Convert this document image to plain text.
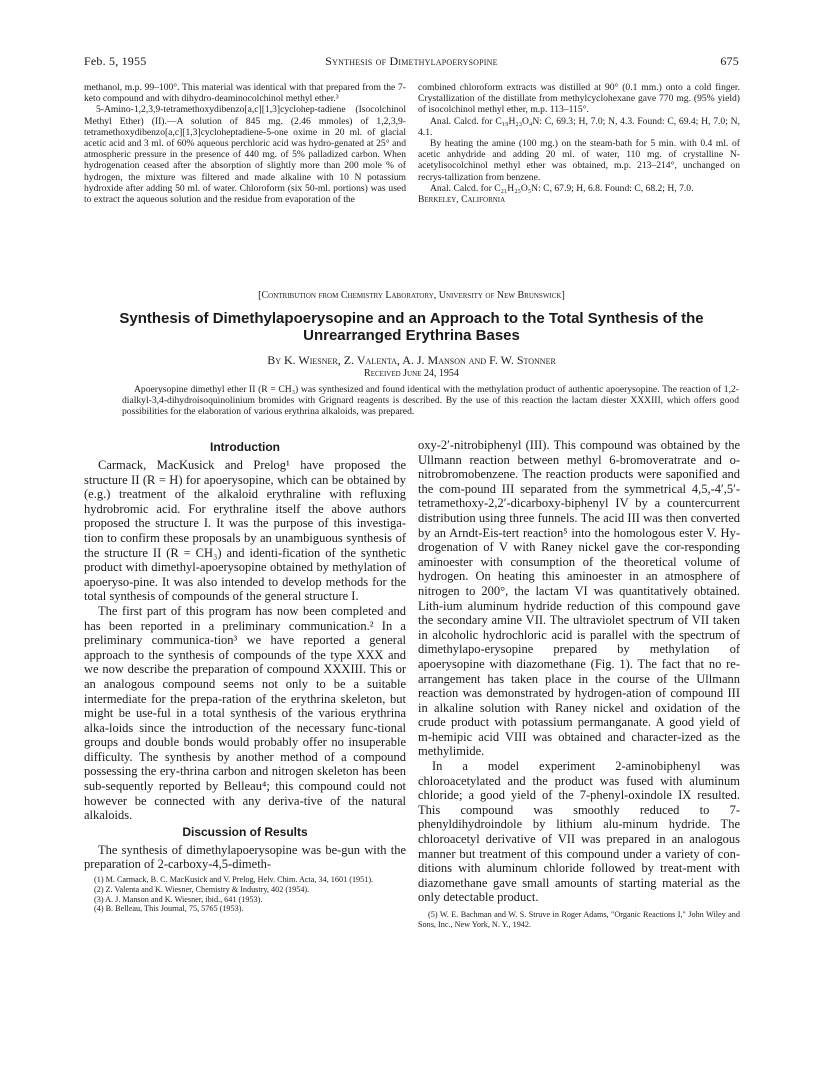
Feb. 5, 1955	Synthesis of Dimethylapoerysopine	675

methanol, m.p. 99–100°. This material was identical with that prepared from the 7-keto compound and with dihydro-deaminocolchinol methyl ether.³

5-Amino-1,2,3,9-tetramethoxydibenzo[a,c][1,3]cyclohep-tadiene (Isocolchinol Methyl Ether) (II).—A solution of 845 mg. (2.46 mmoles) of 1,2,3,9-tetramethoxydibenzo[a,c][1,3]cycloheptadiene-5-one oxime in 20 ml. of glacial acetic acid and 3 ml. of 60% aqueous perchloric acid was hydro-genated at 25° and atmospheric pressure in the presence of 440 mg. of 5% palladized carbon. When hydrogenation ceased after the absorption of slightly more than 200 mole % of hydrogen, the mixture was filtered and made alkaline with 10 N potassium hydroxide after adding 50 ml. of water. Chloroform (six 50-ml. portions) was used to extract the aqueous solution and the residue from evaporation of the

combined chloroform extracts was distilled at 90° (0.1 mm.) onto a cold finger. Crystallization of the distillate from methylcyclohexane gave 770 mg. (95% yield) of isocolchinol methyl ether, m.p. 113–115°.

Anal. Calcd. for C₁₉H₂₃O₄N: C, 69.3; H, 7.0; N, 4.3. Found: C, 69.4; H, 7.0; N, 4.1.

By heating the amine (100 mg.) on the steam-bath for 5 min. with 0.4 ml. of acetic anhydride and adding 20 ml. of water, 110 mg. of crystalline N-acetylisocolchinol methyl ether was obtained, m.p. 213–214°, unchanged on recrys-tallization from benzene.

Anal. Calcd. for C₂₁H₂₅O₅N: C, 67.9; H, 6.8. Found: C, 68.2; H, 7.0.

Berkeley, California

[Contribution from Chemistry Laboratory, University of New Brunswick]
Synthesis of Dimethylapoerysopine and an Approach to the Total Synthesis of the Unrearranged Erythrina Bases
By K. Wiesner, Z. Valenta, A. J. Manson and F. W. Stonner
Received June 24, 1954
Apoerysopine dimethyl ether II (R = CH₃) was synthesized and found identical with the methylation product of authentic apoerysopine. The reaction of 1,2-dialkyl-3,4-dihydroisoquinolinium bromides with Grignard reagents is described. By the use of this reaction the lactam diester XXXIII, which offers good possibilities for the elaboration of various erythrina alkaloids, was prepared.
Introduction

Carmack, MacKusick and Prelog¹ have proposed the structure II (R = H) for apoerysopine, which can be obtained by (e.g.) treatment of the alkaloid erythraline with refluxing hydrobromic acid. For erythraline itself the above authors proposed the structure I. It was the purpose of this investiga-tion to confirm these proposals by an unambiguous synthesis of the structure II (R = CH₃) and identi-fication of the synthetic product with dimethyl-apoerysopine obtained by methylation of apoeryso-pine. It was also intended to develop methods for the total synthesis of compounds of the general structure I.

The first part of this program has now been completed and has been reported in a preliminary communication.² In a preliminary communica-tion³ we have reported a general approach to the synthesis of compounds of the type XXX and we now describe the preparation of compound XXXIII. This or an analogous compound seems not only to be a suitable intermediate for the prepa-ration of the erythrina skeleton, but might be use-ful in a total synthesis of the various erythrina alka-loids since the introduction of the necessary func-tional groups and double bonds would probably offer no insuperable difficulty. The synthesis by another method of a compound possessing the ery-thrina carbon and nitrogen skeleton has been sub-sequently reported by Belleau⁴; this compound could not however be connected with any deriva-tive of the natural alkaloids.

Discussion of Results

The synthesis of dimethylapoerysopine was be-gun with the preparation of 2-carboxy-4,5-dimeth-

(1) M. Carmack, B. C. MacKusick and V. Prelog, Helv. Chim. Acta, 34, 1601 (1951).
(2) Z. Valenta and K. Wiesner, Chemistry & Industry, 402 (1954).
(3) A. J. Manson and K. Wiesner, ibid., 641 (1953).
(4) B. Belleau, This Journal, 75, 5765 (1953).

oxy-2′-nitrobiphenyl (III). This compound was obtained by the Ullmann reaction between methyl 6-bromoveratrate and o-nitrobromobenzene. The reaction products were saponified and the com-pound III separated from the symmetrical 4,5,-4′,5′-tetramethoxy-2,2′-dicarboxy-biphenyl IV by a countercurrent distribution using three funnels. The acid III was then converted by an Arndt-Eis-tert reaction⁵ into the homologous ester V. Hy-drogenation of V with Raney nickel gave the cor-responding aminoester with consumption of the theoretical volume of hydrogen. On heating this aminoester in an atmosphere of nitrogen to 200°, the lactam VI was quantitatively obtained. Lith-ium aluminum hydride reduction of this compound gave the secondary amine VII. The ultraviolet spectrum of VII taken in alcoholic hydrochloric acid is parallel with the spectrum of dimethylapo-erysopine prepared by methylation of apoerysopine with diazomethane (Fig. 1). The fact that no re-arrangement has taken place in the course of the Ullmann reaction was demonstrated by hydrogen-ation of compound III in alkaline solution with Raney nickel and oxidation of the crude product with potassium permanganate. A good yield of m-hemipic acid VIII was obtained and character-ized as the methylimide.

In a model experiment 2-aminobiphenyl was chloroacetylated and the product was fused with aluminum chloride; a good yield of the 7-phenyl-oxindole IX resulted. This compound was smoothly reduced to 7-phenyldihydroindole by lithium alu-minum hydride. The chloroacetyl derivative of VII was prepared in an analogous manner but treatment of this compound under a variety of con-ditions with aluminum chloride followed by treat-ment with diazomethane gave small amounts of starting material as the only detectable product.

(5) W. E. Bachman and W. S. Struve in Roger Adams, "Organic Reactions I," John Wiley and Sons, Inc., New York, N. Y., 1942.
